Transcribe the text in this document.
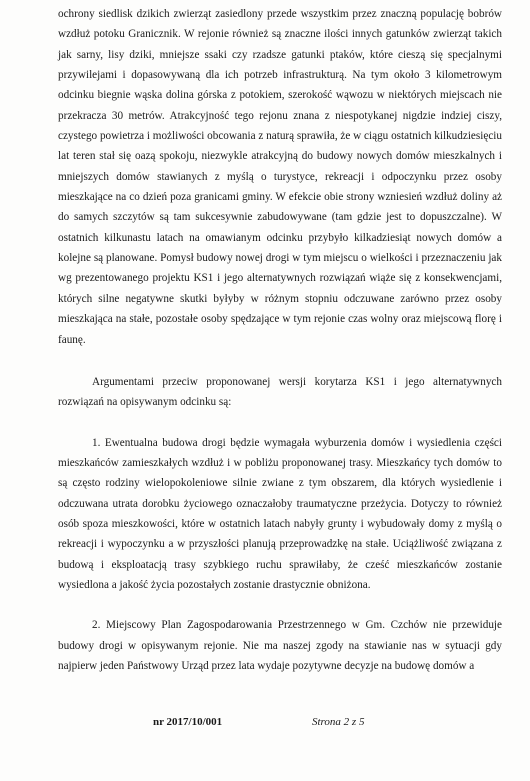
ochrony siedlisk dzikich zwierząt zasiedlony przede wszystkim przez znaczną populację bobrów wzdłuż potoku Granicznik. W rejonie również są znaczne ilości innych gatunków zwierząt takich jak sarny, lisy dziki, mniejsze ssaki czy rzadsze gatunki ptaków, które cieszą się specjalnymi przywilejami i dopasowywaną dla ich potrzeb infrastrukturą. Na tym około 3 kilometrowym odcinku biegnie wąska dolina górska z potokiem, szerokość wąwozu w niektórych miejscach nie przekracza 30 metrów. Atrakcyjność tego rejonu znana z niespotykanej nigdzie indziej ciszy, czystego powietrza i możliwości obcowania z naturą sprawiła, że w ciągu ostatnich kilkudziesięciu lat teren stał się oazą spokoju, niezwykle atrakcyjną do budowy nowych domów mieszkalnych i mniejszych domów stawianych z myślą o turystyce, rekreacji i odpoczynku przez osoby mieszkające na co dzień poza granicami gminy. W efekcie obie strony wzniesień wzdłuż doliny aż do samych szczytów są tam sukcesywnie zabudowywane (tam gdzie jest to dopuszczalne). W ostatnich kilkunastu latach na omawianym odcinku przybyło kilkadziesiąt nowych domów a kolejne są planowane. Pomysł budowy nowej drogi w tym miejscu o wielkości i przeznaczeniu jak wg prezentowanego projektu KS1 i jego alternatywnych rozwiązań wiąże się z konsekwencjami, których silne negatywne skutki byłyby w różnym stopniu odczuwane zarówno przez osoby mieszkająca na stałe, pozostałe osoby spędzające w tym rejonie czas wolny oraz miejscową florę i faunę.

Argumentami przeciw proponowanej wersji korytarza KS1 i jego alternatywnych rozwiązań na opisywanym odcinku są:

1. Ewentualna budowa drogi będzie wymagała wyburzenia domów i wysiedlenia części mieszkańców zamieszkałych wzdłuż i w pobliżu proponowanej trasy. Mieszkańcy tych domów to są często rodziny wielopokoleniowe silnie zwiane z tym obszarem, dla których wysiedlenie i odczuwana utrata dorobku życiowego oznaczałoby traumatyczne przeżycia. Dotyczy to również osób spoza mieszkowości, które w ostatnich latach nabyły grunty i wybudowały domy z myślą o rekreacji i wypoczynku a w przyszłości planują przeprowadzkę na stałe. Uciążliwość związana z budową i eksploatacją trasy szybkiego ruchu sprawiłaby, że cześć mieszkańców zostanie wysiedlona a jakość życia pozostałych zostanie drastycznie obniżona.

2. Miejscowy Plan Zagospodarowania Przestrzennego w Gm. Czchów nie przewiduje budowy drogi w opisywanym rejonie. Nie ma naszej zgody na stawianie nas w sytuacji gdy najpierw jeden Państwowy Urząd przez lata wydaje pozytywne decyzje na budowę domów a

nr 2017/10/001	Strona 2 z 5
